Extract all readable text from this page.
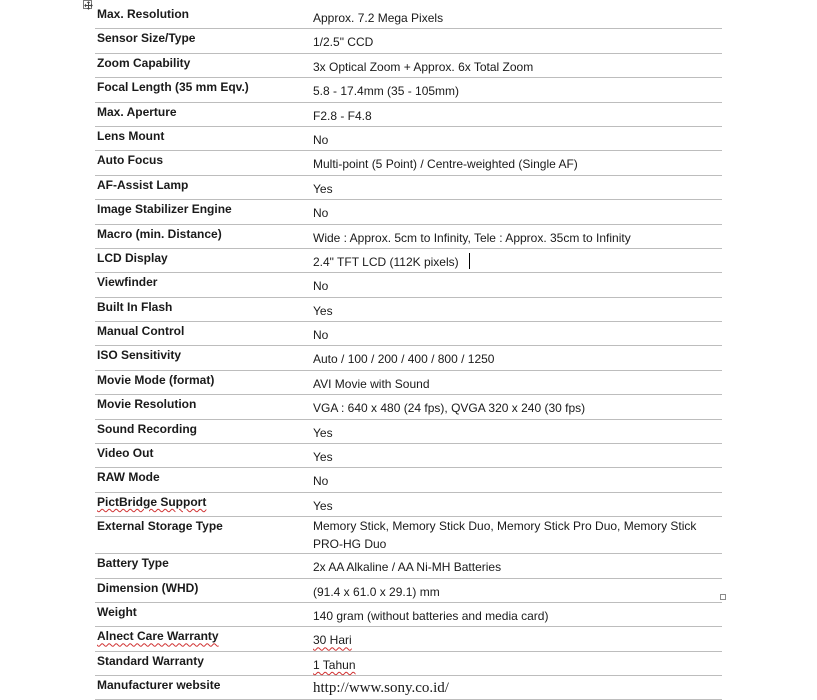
Max. Resolution	Approx. 7.2 Mega Pixels
Sensor Size/Type	1/2.5" CCD
Zoom Capability	3x Optical Zoom + Approx. 6x Total Zoom
Focal Length (35 mm Eqv.)	5.8 - 17.4mm (35 - 105mm)
Max. Aperture	F2.8 - F4.8
Lens Mount	No
Auto Focus	Multi-point (5 Point) / Centre-weighted (Single AF)
AF-Assist Lamp	Yes
Image Stabilizer Engine	No
Macro (min. Distance)	Wide : Approx. 5cm to Infinity, Tele : Approx. 35cm to Infinity
LCD Display	2.4" TFT LCD (112K pixels)
Viewfinder	No
Built In Flash	Yes
Manual Control	No
ISO Sensitivity	Auto / 100 / 200 / 400 / 800 / 1250
Movie Mode (format)	AVI Movie with Sound
Movie Resolution	VGA : 640 x 480 (24 fps), QVGA 320 x 240 (30 fps)
Sound Recording	Yes
Video Out	Yes
RAW Mode	No
PictBridge Support	Yes
External Storage Type	Memory Stick, Memory Stick Duo, Memory Stick Pro Duo, Memory Stick PRO-HG Duo
Battery Type	2x AA Alkaline / AA Ni-MH Batteries
Dimension (WHD)	(91.4 x 61.0 x 29.1) mm
Weight	140 gram (without batteries and media card)
Alnect Care Warranty	30 Hari
Standard Warranty	1 Tahun
Manufacturer website	http://www.sony.co.id/
